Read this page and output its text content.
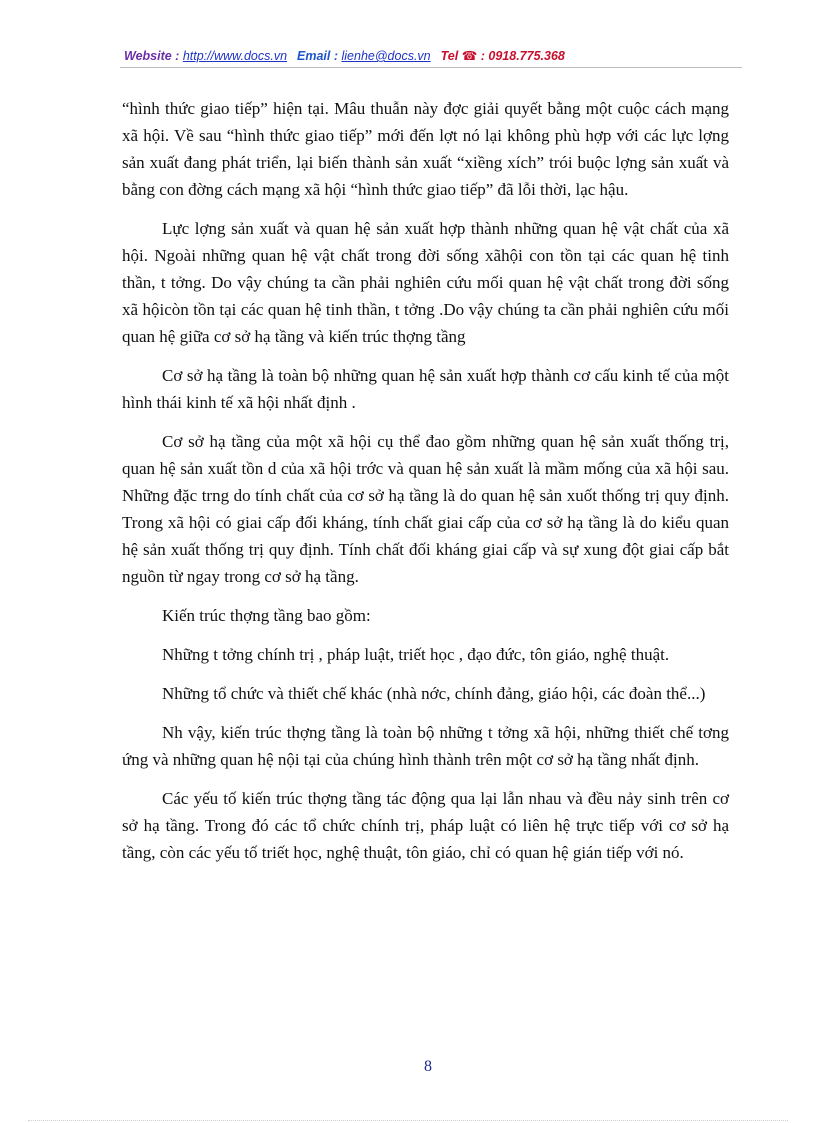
Website : http://www.docs.vn Email : lienhe@docs.vn Tel ☎ : 0918.775.368

“hình thức giao tiếp” hiện tại. Mâu thuẫn này đợc giải quyết bằng một cuộc cách mạng xã hội. Về sau “hình thức giao tiếp” mới đến lợt nó lại không phù hợp với các lực lợng sản xuất đang phát triển, lại biến thành sản xuất “xiềng xích” trói buộc lợng sản xuất và bằng con đờng cách mạng xã hội “hình thức giao tiếp” đã lỗi thời, lạc hậu.

Lực lợng sản xuất và quan hệ sản xuất hợp thành những quan hệ vật chất của xã hội. Ngoài những quan hệ vật chất trong đời sống xãhội con tồn tại các quan hệ tinh thần, t tởng. Do vậy chúng ta cần phải nghiên cứu mối quan hệ vật chất trong đời sống xã hộicòn tồn tại các quan hệ tinh thần, t tởng .Do vậy chúng ta cần phải nghiên cứu mối quan hệ giữa cơ sở hạ tầng và kiến trúc thợng tầng

Cơ sở hạ tầng là toàn bộ những quan hệ sản xuất hợp thành cơ cấu kinh tế của một hình thái kinh tế xã hội nhất định .

Cơ sở hạ tầng của một xã hội cụ thể đao gồm những quan hệ sản xuất thống trị, quan hệ sản xuất tồn d của xã hội trớc và quan hệ sản xuất là mầm mống của xã hội sau. Những đặc trng do tính chất của cơ sở hạ tầng là do quan hệ sản xuốt thống trị quy định. Trong xã hội có giai cấp đối kháng, tính chất giai cấp của cơ sở hạ tầng là do kiểu quan hệ sản xuất thống trị quy định. Tính chất đối kháng giai cấp và sự xung đột giai cấp bắt nguồn từ ngay trong cơ sở hạ tầng.

Kiến trúc thợng tầng bao gồm:

Những t tởng chính trị , pháp luật, triết học , đạo đức, tôn giáo, nghệ thuật.

Những tổ chức và thiết chế khác (nhà nớc, chính đảng, giáo hội, các đoàn thể...)

Nh vậy, kiến trúc thợng tầng là toàn bộ những t tởng xã hội, những thiết chế tơng ứng và những quan hệ nội tại của chúng hình thành trên một cơ sở hạ tầng nhất định.

Các yếu tố kiến trúc thợng tầng tác động qua lại lẫn nhau và đều nảy sinh trên cơ sở hạ tầng. Trong đó các tổ chức chính trị, pháp luật có liên hệ trực tiếp với cơ sở hạ tầng, còn các yếu tố triết học, nghệ thuật, tôn giáo, chỉ có quan hệ gián tiếp với nó.

8
